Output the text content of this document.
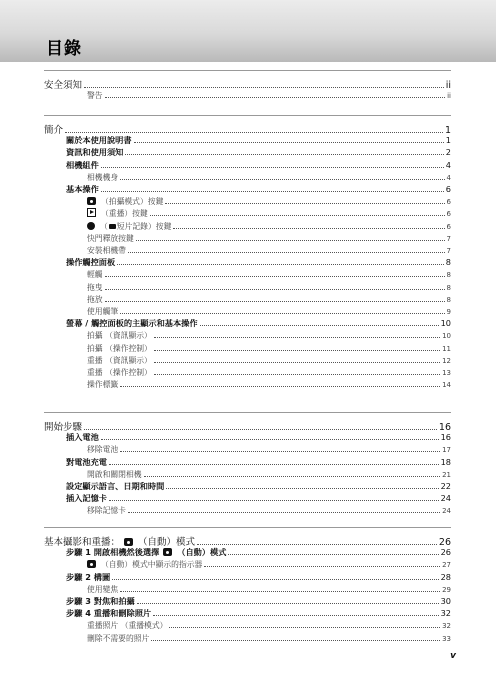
目錄
安全須知	ii
警告	ii
簡介	1
關於本使用說明書	1
資訊和使用須知	2
相機組件	4
相機機身	4
基本操作	6
（拍攝模式）按鍵	6
（重播）按鍵	6
（ 短片記錄）按鍵	6
快門釋放按鍵	7
安裝相機帶	7
操作觸控面板	8
輕觸	8
拖曳	8
拖放	8
使用觸筆	9
螢幕 / 觸控面板的主顯示和基本操作	10
拍攝 （資訊顯示）	10
拍攝 （操作控制）	11
重播 （資訊顯示）	12
重播 （操作控制）	13
操作標籤	14
開始步驟	16
插入電池	16
移除電池	17
對電池充電	18
開啟和關閉相機	21
設定顯示語言、日期和時間	22
插入記憶卡	24
移除記憶卡	24
基本攝影和重播： （自動）模式	26
步驟 1 開啟相機然後選擇 （自動）模式	26
（自動）模式中顯示的指示器	27
步驟 2 構圖	28
使用變焦	29
步驟 3 對焦和拍攝	30
步驟 4 重播和刪除照片	32
重播照片 （重播模式）	32
刪除不需要的照片	33
v
